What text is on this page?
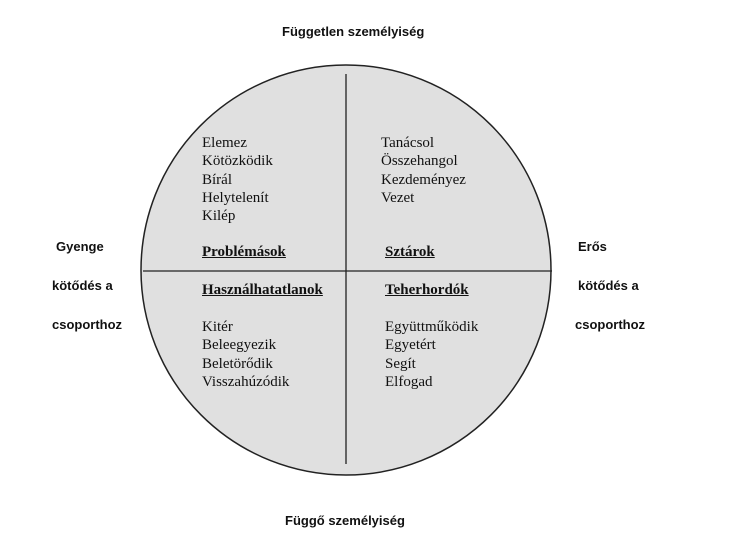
Független személyiség
Függő személyiség
Gyenge
kötődés a
csoporthoz
Erős
kötődés a
csoporthoz
Elemez
Kötözködik
Bírál
Helytelenít
Kilép
Problémások
Tanácsol
Összehangol
Kezdeményez
Vezet
Sztárok
Használhatatlanok
Kitér
Beleegyezik
Beletörődik
Visszahúzódik
Teherhordók
Együttműködik
Egyetért
Segít
Elfogad
